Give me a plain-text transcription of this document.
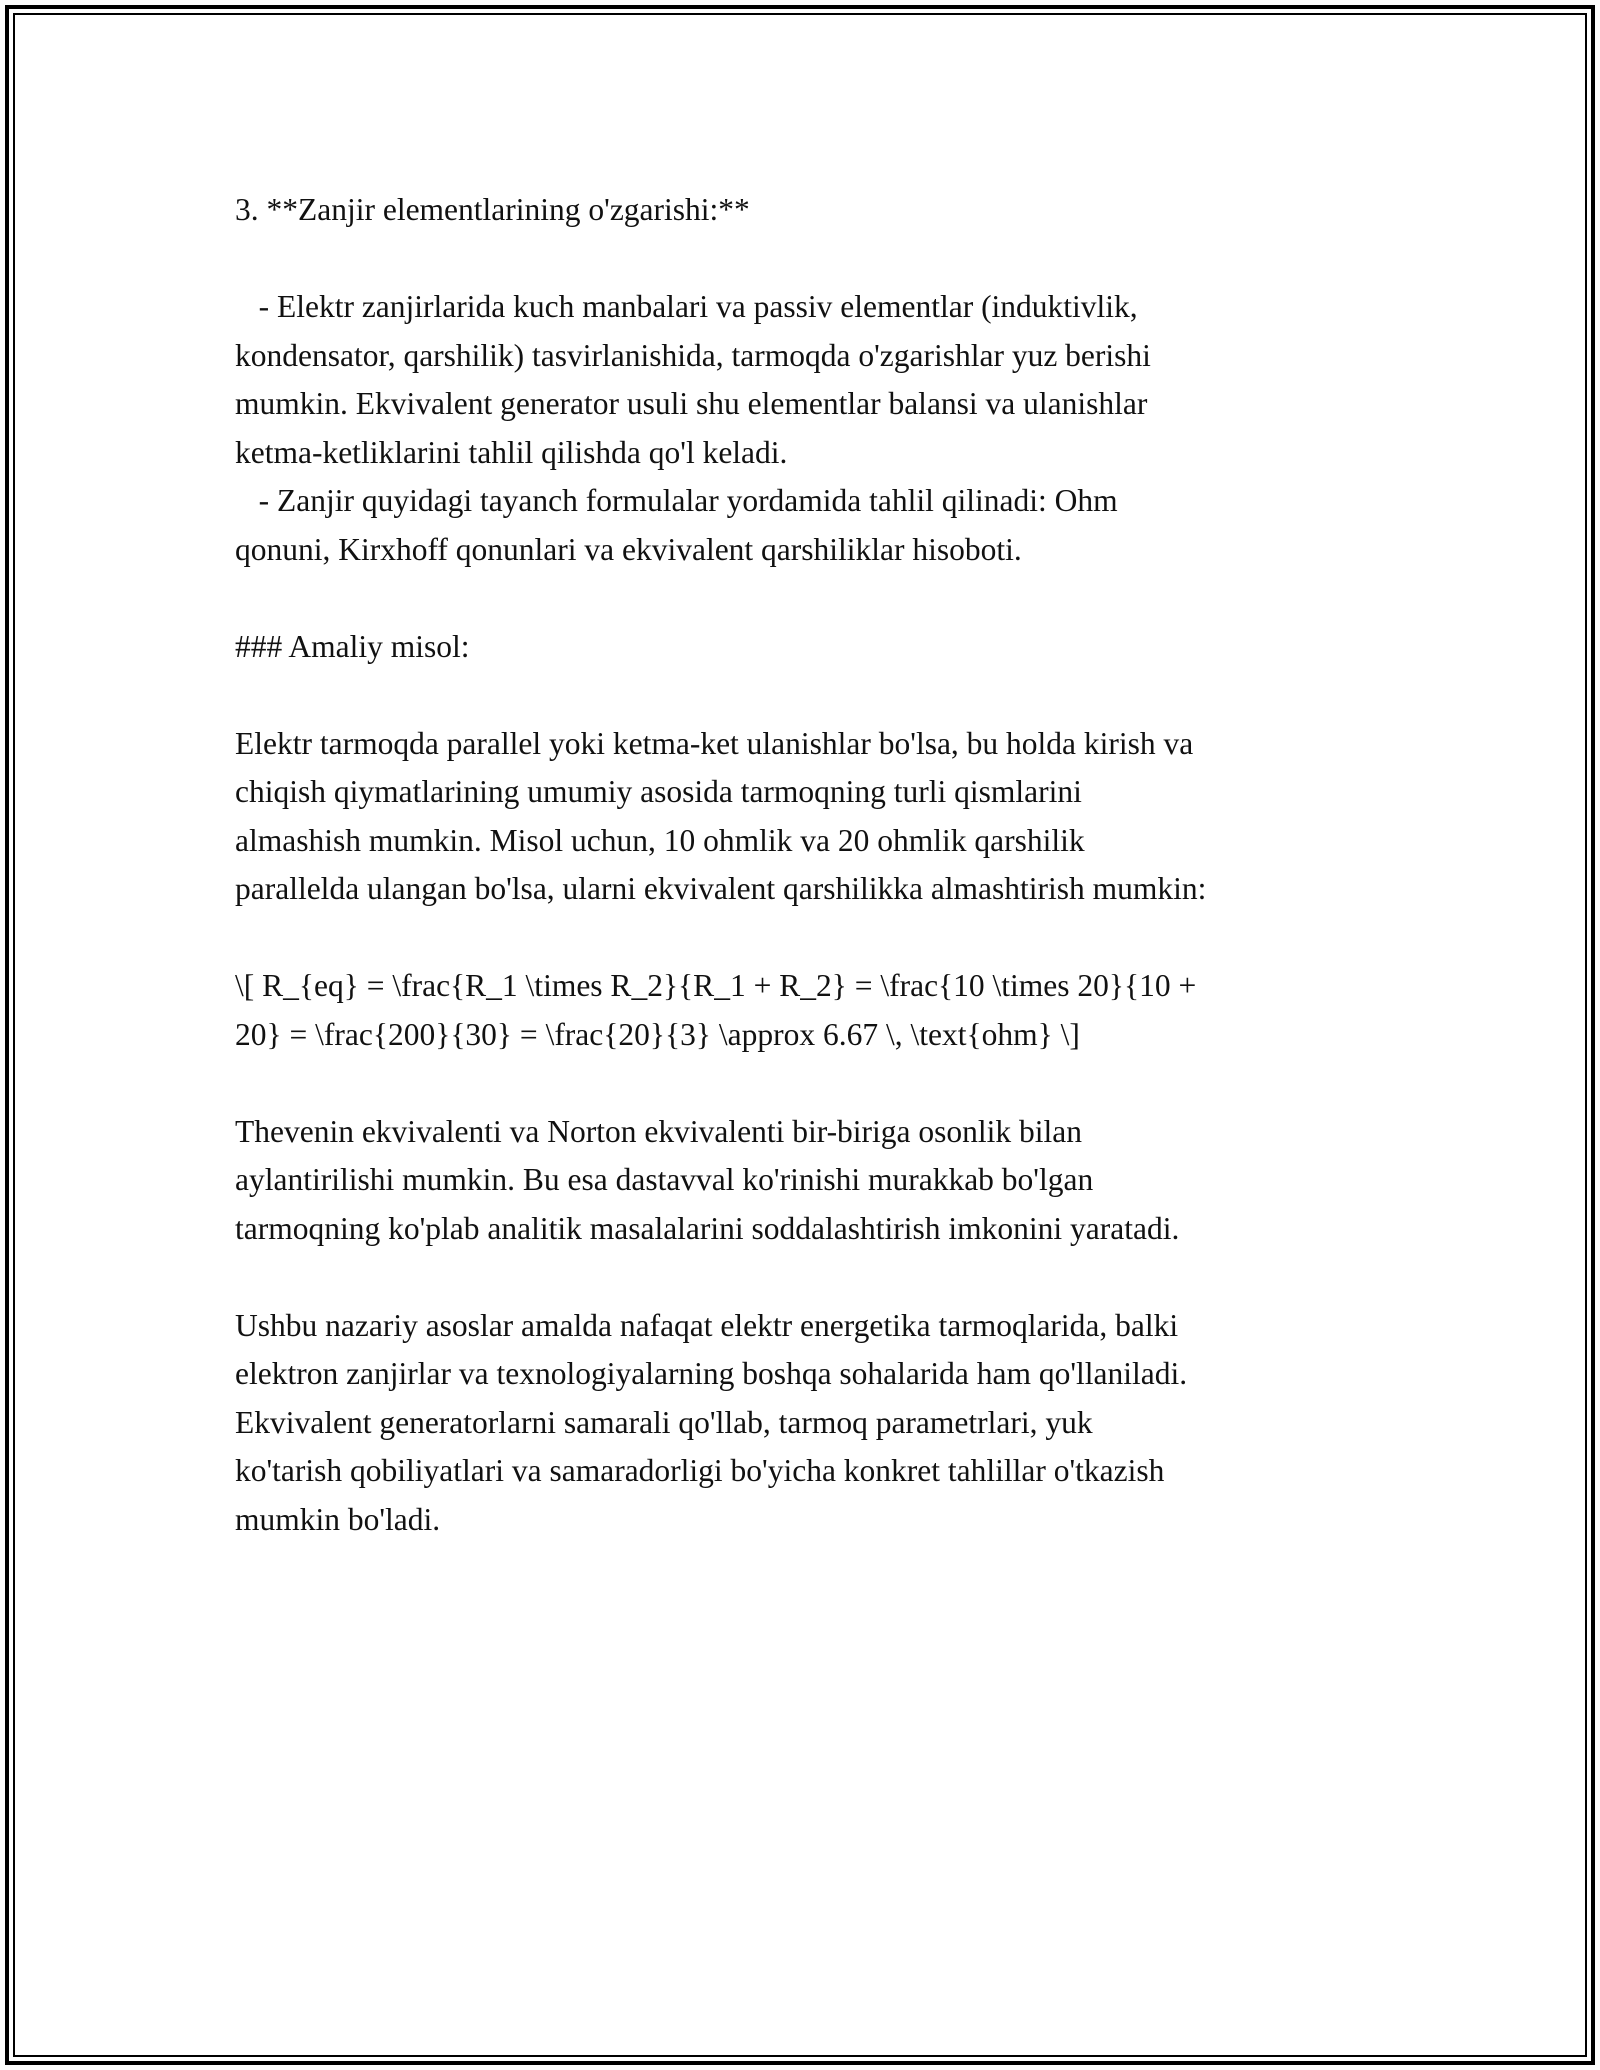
3. **Zanjir elementlarining o'zgarishi:**
- Elektr zanjirlarida kuch manbalari va passiv elementlar (induktivlik,
kondensator, qarshilik) tasvirlanishida, tarmoqda o'zgarishlar yuz berishi
mumkin. Ekvivalent generator usuli shu elementlar balansi va ulanishlar
ketma-ketliklarini tahlil qilishda qo'l keladi.
- Zanjir quyidagi tayanch formulalar yordamida tahlil qilinadi: Ohm
qonuni, Kirxhoff qonunlari va ekvivalent qarshiliklar hisoboti.
### Amaliy misol:
Elektr tarmoqda parallel yoki ketma-ket ulanishlar bo'lsa, bu holda kirish va
chiqish qiymatlarining umumiy asosida tarmoqning turli qismlarini
almashish mumkin. Misol uchun, 10 ohmlik va 20 ohmlik qarshilik
parallelda ulangan bo'lsa, ularni ekvivalent qarshilikka almashtirish mumkin:
\[ R_{eq} = \frac{R_1 \times R_2}{R_1 + R_2} = \frac{10 \times 20}{10 +
20} = \frac{200}{30} = \frac{20}{3} \approx 6.67 \, \text{ohm} \]
Thevenin ekvivalenti va Norton ekvivalenti bir-biriga osonlik bilan
aylantirilishi mumkin. Bu esa dastavval ko'rinishi murakkab bo'lgan
tarmoqning ko'plab analitik masalalarini soddalashtirish imkonini yaratadi.
Ushbu nazariy asoslar amalda nafaqat elektr energetika tarmoqlarida, balki
elektron zanjirlar va texnologiyalarning boshqa sohalarida ham qo'llaniladi.
Ekvivalent generatorlarni samarali qo'llab, tarmoq parametrlari, yuk
ko'tarish qobiliyatlari va samaradorligi bo'yicha konkret tahlillar o'tkazish
mumkin bo'ladi.
